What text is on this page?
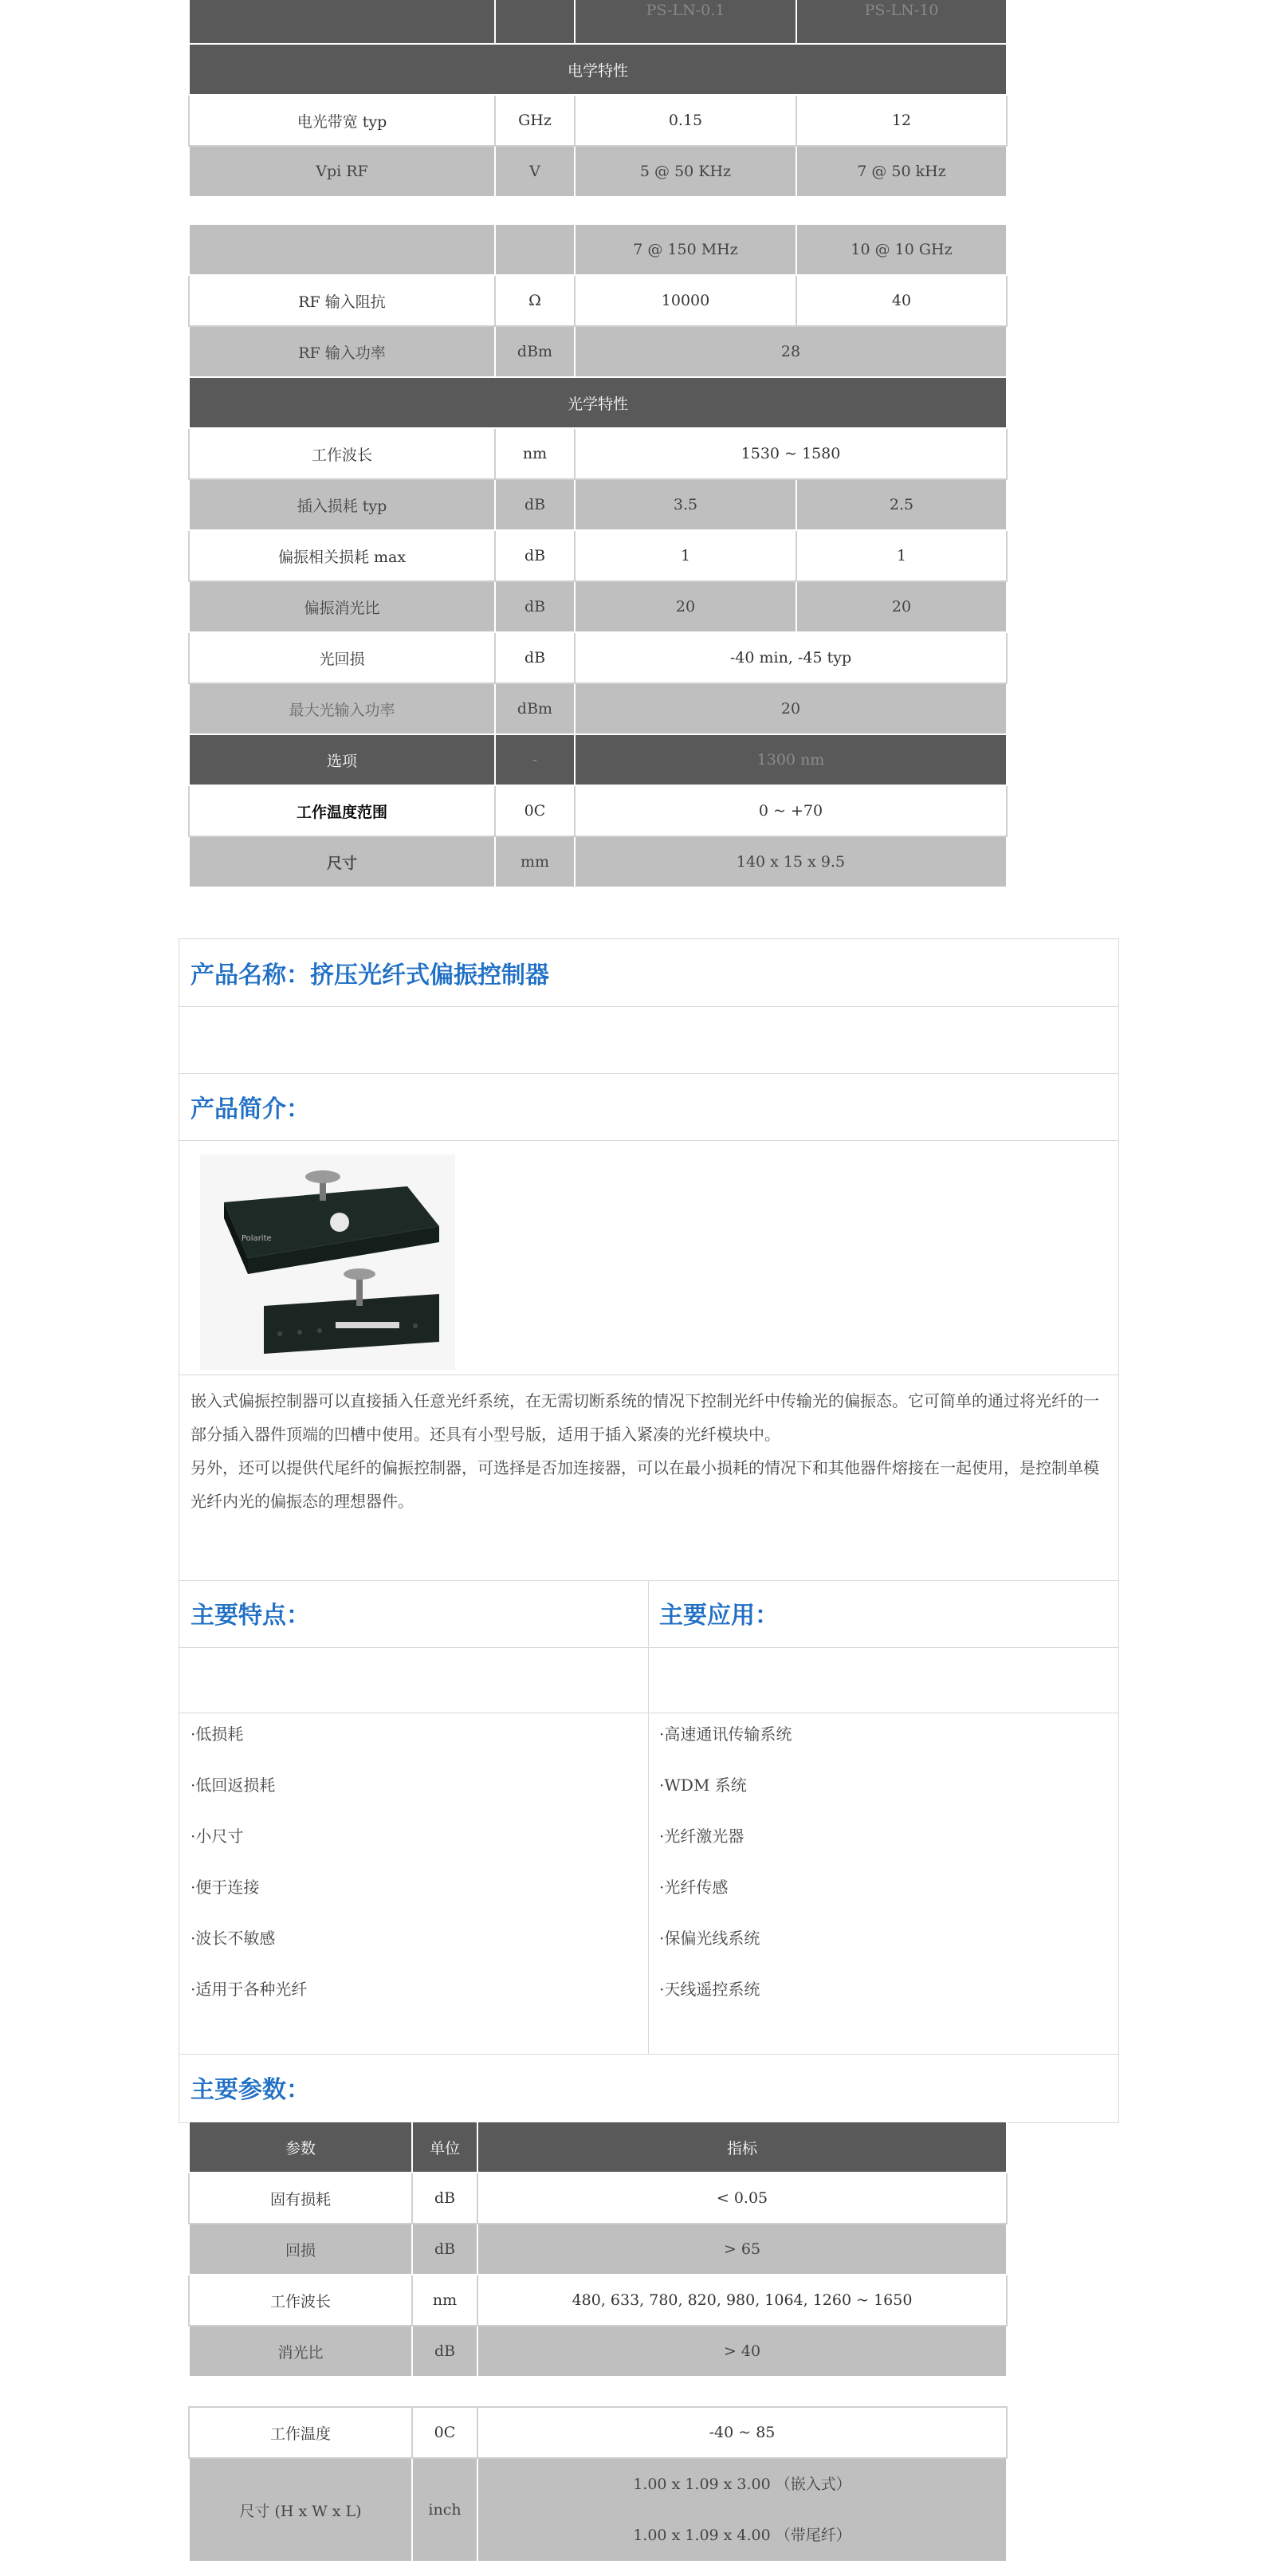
		PS-LN-0.1	PS-LN-10
电学特性			
电光带宽 typ	GHz	0.15	12
Vpi RF	V	5 @ 50 KHz	7 @ 50 kHz
		7 @ 150 MHz	10 @ 10 GHz
RF 输入阻抗	Ω	10000	40
RF 输入功率	dBm	28	
光学特性			
工作波长	nm	1530 ~ 1580	
插入损耗 typ	dB	3.5	2.5
偏振相关损耗 max	dB	1	1
偏振消光比	dB	20	20
光回损	dB	-40 min, -45 typ	
最大光输入功率	dBm	20	
选项	-	1300 nm	
工作温度范围	0C	0 ~ +70	
尺寸	mm	140 x 15 x 9.5	
产品名称：挤压光纤式偏振控制器
产品简介：
Polarite
嵌入式偏振控制器可以直接插入任意光纤系统，在无需切断系统的情况下控制光纤中传输光的偏振态。它可简单的通过将光纤的一部分插入器件顶端的凹槽中使用。还具有小型号版，适用于插入紧凑的光纤模块中。
另外，还可以提供代尾纤的偏振控制器，可选择是否加连接器，可以在最小损耗的情况下和其他器件熔接在一起使用，是控制单模光纤内光的偏振态的理想器件。
主要特点：	主要应用：
·低损耗
·低回返损耗
·小尺寸
·便于连接
·波长不敏感
·适用于各种光纤
·高速通讯传输系统
·WDM 系统
·光纤激光器
·光纤传感
·保偏光线系统
·天线遥控系统
主要参数：
参数	单位	指标
固有损耗	dB	< 0.05
回损	dB	> 65
工作波长	nm	480, 633, 780, 820, 980, 1064, 1260 ~ 1650
消光比	dB	> 40
工作温度	0C	-40 ~ 85
尺寸 (H x W x L)	inch	1.00 x 1.09 x 3.00 （嵌入式）
1.00 x 1.09 x 4.00 （带尾纤）
